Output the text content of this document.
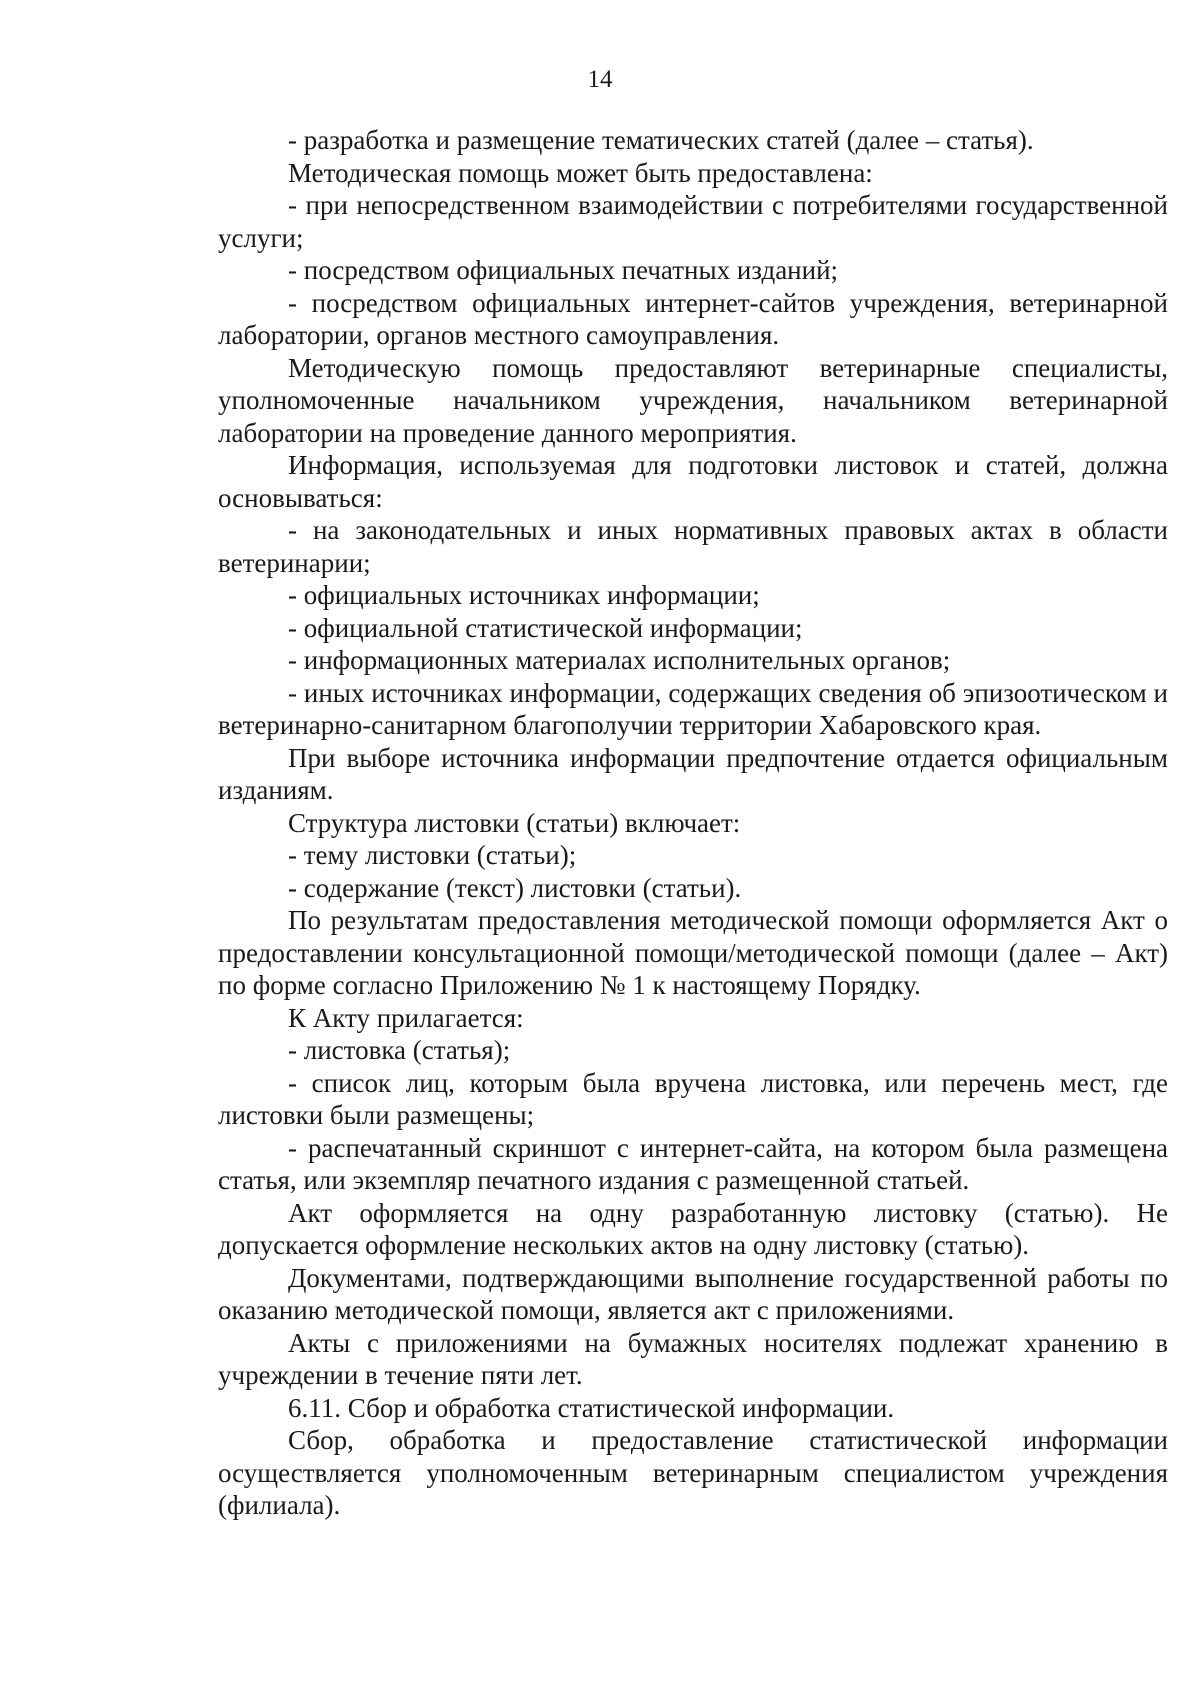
14

- разработка и размещение тематических статей (далее – статья).

Методическая помощь может быть предоставлена:

- при непосредственном взаимодействии с потребителями государственной услуги;

- посредством официальных печатных изданий;

- посредством официальных интернет-сайтов учреждения, ветеринарной лаборатории, органов местного самоуправления.

Методическую помощь предоставляют ветеринарные специалисты, уполномоченные начальником учреждения, начальником ветеринарной лаборатории на проведение данного мероприятия.

Информация, используемая для подготовки листовок и статей, должна основываться:

- на законодательных и иных нормативных правовых актах в области ветеринарии;

- официальных источниках информации;

- официальной статистической информации;

- информационных материалах исполнительных органов;

- иных источниках информации, содержащих сведения об эпизоотическом и ветеринарно-санитарном благополучии территории Хабаровского края.

При выборе источника информации предпочтение отдается официальным изданиям.

Структура листовки (статьи) включает:

- тему листовки (статьи);

- содержание (текст) листовки (статьи).

По результатам предоставления методической помощи оформляется Акт о предоставлении консультационной помощи/методической помощи (далее – Акт) по форме согласно Приложению № 1 к настоящему Порядку.

К Акту прилагается:

- листовка (статья);

- список лиц, которым была вручена листовка, или перечень мест, где листовки были размещены;

- распечатанный скриншот с интернет-сайта, на котором была размещена статья, или экземпляр печатного издания с размещенной статьей.

Акт оформляется на одну разработанную листовку (статью). Не допускается оформление нескольких актов на одну листовку (статью).

Документами, подтверждающими выполнение государственной работы по оказанию методической помощи, является акт с приложениями.

Акты с приложениями на бумажных носителях подлежат хранению в учреждении в течение пяти лет.

6.11. Сбор и обработка статистической информации.

Сбор, обработка и предоставление статистической информации осуществляется уполномоченным ветеринарным специалистом учреждения (филиала).
